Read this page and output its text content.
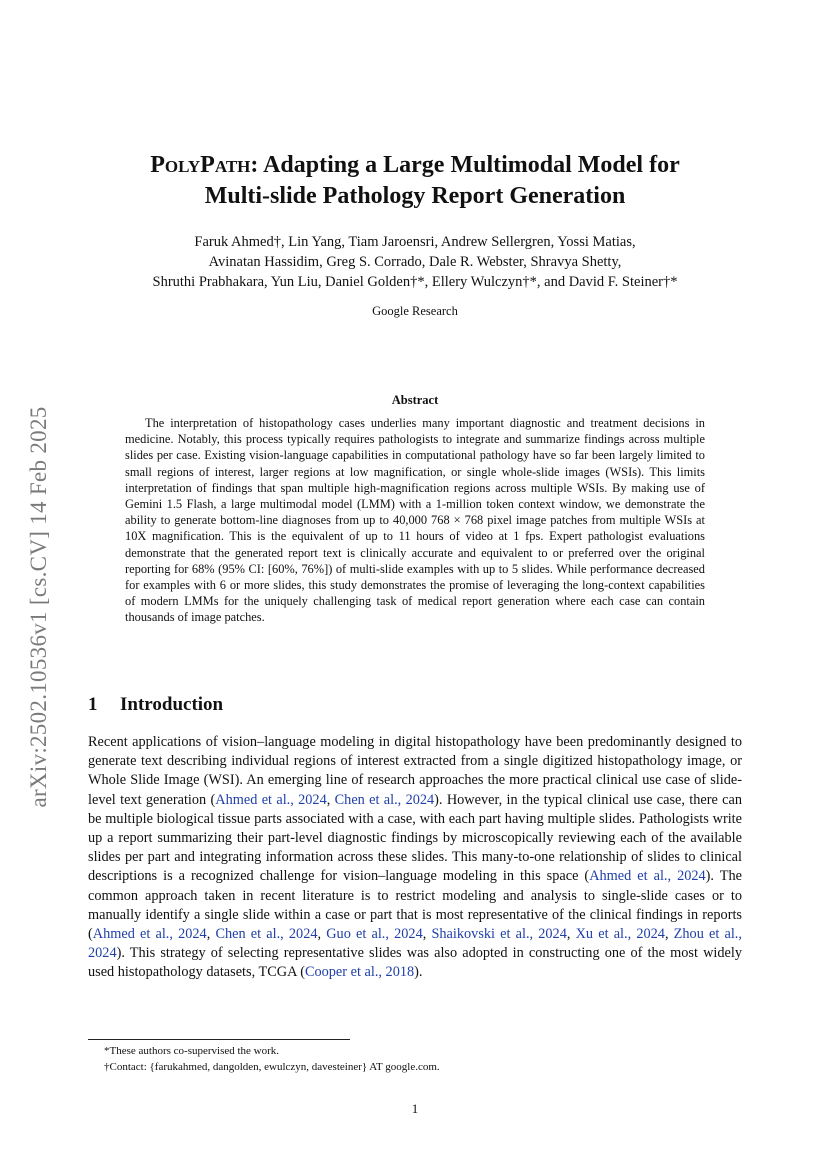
arXiv:2502.10536v1 [cs.CV] 14 Feb 2025
PolyPath: Adapting a Large Multimodal Model for
Multi-slide Pathology Report Generation
Faruk Ahmed†, Lin Yang, Tiam Jaroensri, Andrew Sellergren, Yossi Matias,
Avinatan Hassidim, Greg S. Corrado, Dale R. Webster, Shravya Shetty,
Shruthi Prabhakara, Yun Liu, Daniel Golden†*, Ellery Wulczyn†*, and David F. Steiner†*
Google Research
Abstract

The interpretation of histopathology cases underlies many important diagnostic and treatment decisions in medicine. Notably, this process typically requires pathologists to integrate and summarize findings across multiple slides per case. Existing vision-language capabilities in computational pathology have so far been largely limited to small regions of interest, larger regions at low magnification, or single whole-slide images (WSIs). This limits interpretation of findings that span multiple high-magnification regions across multiple WSIs. By making use of Gemini 1.5 Flash, a large multimodal model (LMM) with a 1-million token context window, we demonstrate the ability to generate bottom-line diagnoses from up to 40,000 768 × 768 pixel image patches from multiple WSIs at 10X magnification. This is the equivalent of up to 11 hours of video at 1 fps. Expert pathologist evaluations demonstrate that the generated report text is clinically accurate and equivalent to or preferred over the original reporting for 68% (95% CI: [60%, 76%]) of multi-slide examples with up to 5 slides. While performance decreased for examples with 6 or more slides, this study demonstrates the promise of leveraging the long-context capabilities of modern LMMs for the uniquely challenging task of medical report generation where each case can contain thousands of image patches.

1 Introduction

Recent applications of vision–language modeling in digital histopathology have been predominantly designed to generate text describing individual regions of interest extracted from a single digitized histopathology image, or Whole Slide Image (WSI). An emerging line of research approaches the more practical clinical use case of slide-level text generation (Ahmed et al., 2024, Chen et al., 2024). However, in the typical clinical use case, there can be multiple biological tissue parts associated with a case, with each part having multiple slides. Pathologists write up a report summarizing their part-level diagnostic findings by microscopically reviewing each of the available slides per part and integrating information across these slides. This many-to-one relationship of slides to clinical descriptions is a recognized challenge for vision–language modeling in this space (Ahmed et al., 2024). The common approach taken in recent literature is to restrict modeling and analysis to single-slide cases or to manually identify a single slide within a case or part that is most representative of the clinical findings in reports (Ahmed et al., 2024, Chen et al., 2024, Guo et al., 2024, Shaikovski et al., 2024, Xu et al., 2024, Zhou et al., 2024). This strategy of selecting representative slides was also adopted in constructing one of the most widely used histopathology datasets, TCGA (Cooper et al., 2018).

*These authors co-supervised the work.

†Contact: {farukahmed, dangolden, ewulczyn, davesteiner} AT google.com.

1
